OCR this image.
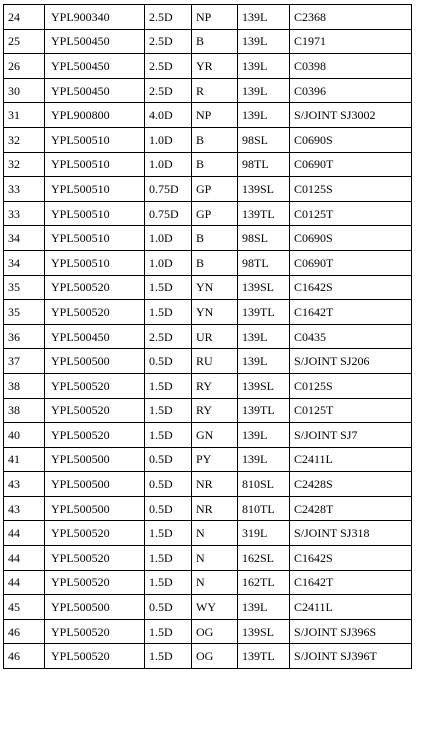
24	YPL900340	2.5D	NP	139L	C2368
25	YPL500450	2.5D	B	139L	C1971
26	YPL500450	2.5D	YR	139L	C0398
30	YPL500450	2.5D	R	139L	C0396
31	YPL900800	4.0D	NP	139L	S/JOINT SJ3002
32	YPL500510	1.0D	B	98SL	C0690S
32	YPL500510	1.0D	B	98TL	C0690T
33	YPL500510	0.75D	GP	139SL	C0125S
33	YPL500510	0.75D	GP	139TL	C0125T
34	YPL500510	1.0D	B	98SL	C0690S
34	YPL500510	1.0D	B	98TL	C0690T
35	YPL500520	1.5D	YN	139SL	C1642S
35	YPL500520	1.5D	YN	139TL	C1642T
36	YPL500450	2.5D	UR	139L	C0435
37	YPL500500	0.5D	RU	139L	S/JOINT SJ206
38	YPL500520	1.5D	RY	139SL	C0125S
38	YPL500520	1.5D	RY	139TL	C0125T
40	YPL500520	1.5D	GN	139L	S/JOINT SJ7
41	YPL500500	0.5D	PY	139L	C2411L
43	YPL500500	0.5D	NR	810SL	C2428S
43	YPL500500	0.5D	NR	810TL	C2428T
44	YPL500520	1.5D	N	319L	S/JOINT SJ318
44	YPL500520	1.5D	N	162SL	C1642S
44	YPL500520	1.5D	N	162TL	C1642T
45	YPL500500	0.5D	WY	139L	C2411L
46	YPL500520	1.5D	OG	139SL	S/JOINT SJ396S
46	YPL500520	1.5D	OG	139TL	S/JOINT SJ396T
